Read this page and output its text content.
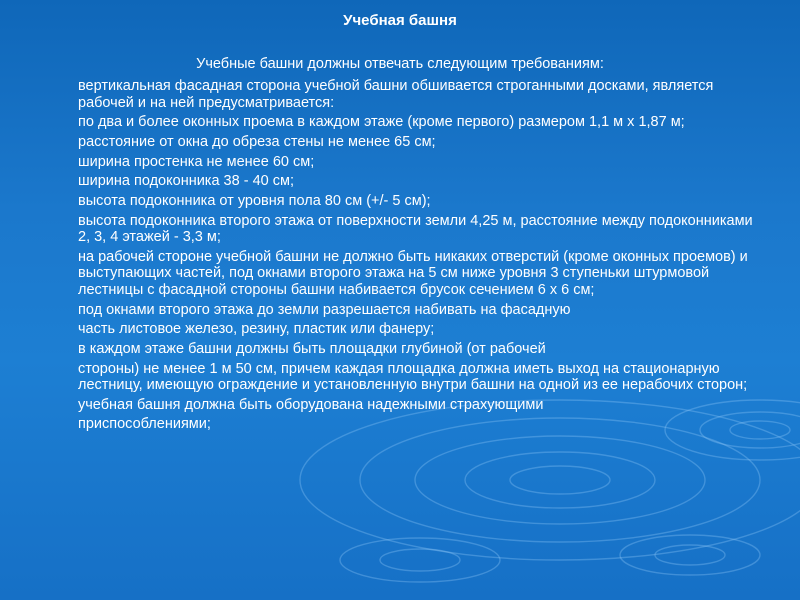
Учебная башня
Учебные башни должны отвечать следующим требованиям:
вертикальная фасадная сторона учебной башни обшивается строганными досками, является рабочей и на ней предусматривается:
по два и более оконных проема в каждом этаже (кроме первого) размером 1,1 м х 1,87 м;
расстояние от окна до обреза стены не менее 65 см;
ширина простенка не менее 60 см;
ширина подоконника 38 - 40 см;
высота подоконника от уровня пола 80 см (+/- 5 см);
высота подоконника второго этажа от поверхности земли 4,25 м, расстояние между подоконниками 2, 3, 4 этажей - 3,3 м;
на рабочей стороне учебной башни не должно быть никаких отверстий (кроме оконных проемов) и выступающих частей, под окнами второго этажа на 5 см ниже уровня 3 ступеньки штурмовой лестницы с фасадной стороны башни набивается брусок сечением 6 х 6 см;
под окнами второго этажа до земли разрешается набивать на фасадную
часть листовое железо, резину, пластик или фанеру;
в каждом этаже башни должны быть площадки глубиной (от рабочей
стороны) не менее 1 м 50 см, причем каждая площадка должна иметь выход на стационарную лестницу, имеющую ограждение и установленную внутри башни на одной из ее нерабочих сторон;
учебная башня должна быть оборудована надежными страхующими
приспособлениями;
